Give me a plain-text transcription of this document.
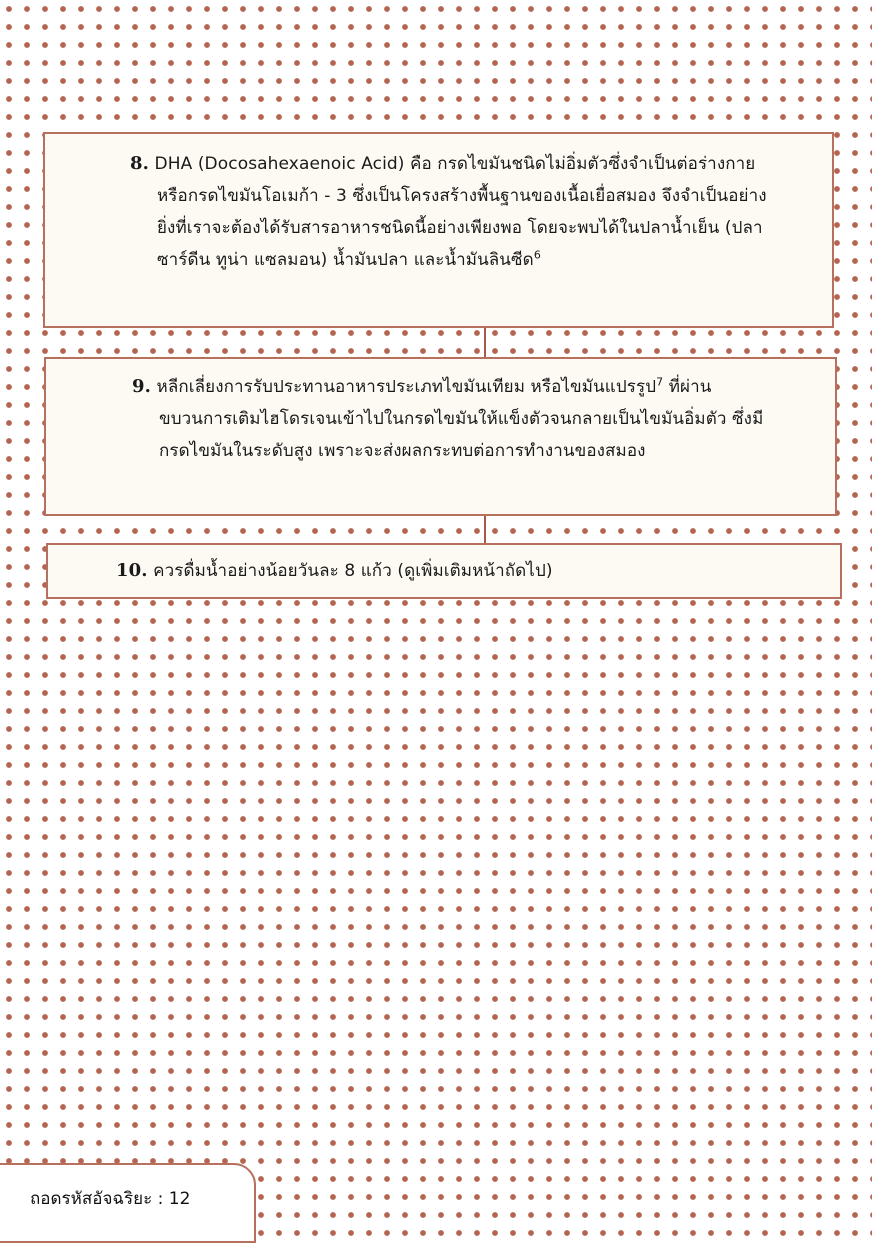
8. DHA (Docosahexaenoic Acid) คือ กรดไขมันชนิดไม่อิ่มตัวซึ่งจำเป็นต่อร่างกาย หรือกรดไขมันโอเมก้า - 3 ซึ่งเป็นโครงสร้างพื้นฐานของเนื้อเยื่อสมอง จึงจำเป็นอย่างยิ่งที่เราจะต้องได้รับสารอาหารชนิดนี้อย่างเพียงพอ โดยจะพบได้ในปลาน้ำเย็น (ปลาซาร์ดีน ทูน่า แซลมอน) น้ำมันปลา และน้ำมันลินซีด$^6$

9. หลีกเลี่ยงการรับประทานอาหารประเภทไขมันเทียม หรือไขมันแปรรูป$^7$ ที่ผ่านขบวนการเติมไฮโดรเจนเข้าไปในกรดไขมันให้แข็งตัวจนกลายเป็นไขมันอิ่มตัว ซึ่งมีกรดไขมันในระดับสูง เพราะจะส่งผลกระทบต่อการทำงานของสมอง

10. ควรดื่มน้ำอย่างน้อยวันละ 8 แก้ว (ดูเพิ่มเติมหน้าถัดไป)

ถอดรหัสอัจฉริยะ : 12
